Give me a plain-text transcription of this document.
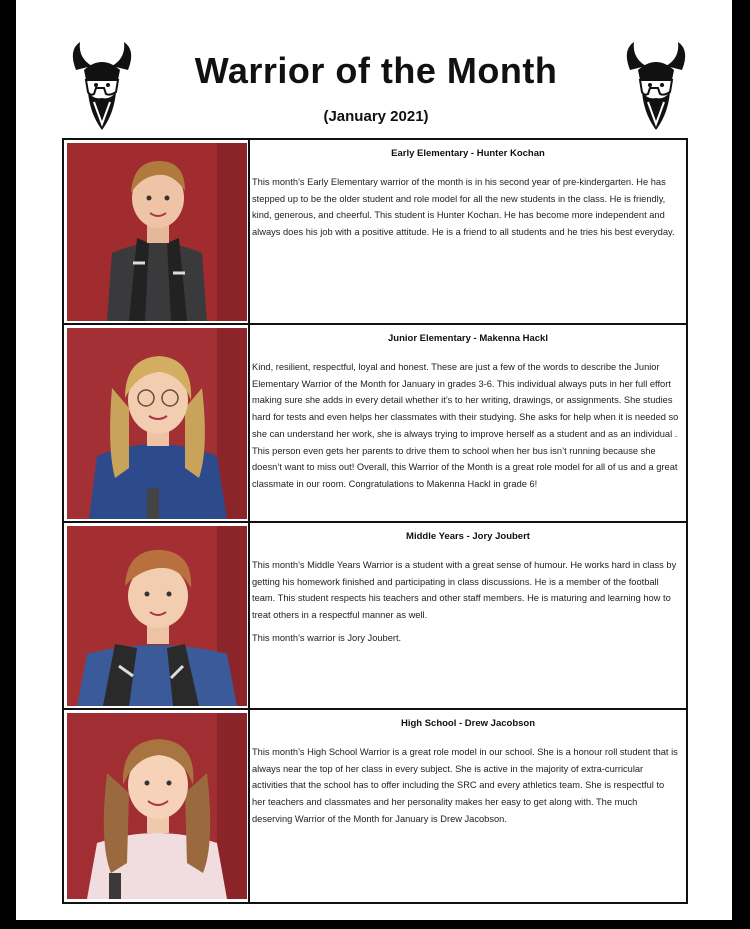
Warrior of the Month
(January 2021)
Early Elementary - Hunter Kochan

This month’s Early Elementary warrior of the month is in his second year of pre-kindergarten. He has stepped up to be the older student and role model for all the new students in the class. He is friendly, kind, generous, and cheerful. This student is Hunter Kochan. He has become more independent and always does his job with a positive attitude. He is a friend to all students and he tries his best everyday.

Junior Elementary - Makenna Hackl

Kind, resilient, respectful, loyal and honest. These are just a few of the words to describe the Junior Elementary Warrior of the Month for January in grades 3-6. This individual always puts in her full effort making sure she adds in every detail whether it’s to her writing, drawings, or assignments. She studies hard for tests and even helps her classmates with their studying. She asks for help when it is needed so she can understand her work, she is always trying to improve herself as a student and as an individual . This person even gets her parents to drive them to school when her bus isn’t running because she doesn’t want to miss out! Overall, this Warrior of the Month is a great role model for all of us and a great classmate in our room. Congratulations to Makenna Hackl in grade 6!

Middle Years - Jory Joubert

This month’s Middle Years Warrior is a student with a great sense of humour. He works hard in class by getting his homework finished and participating in class discussions. He is a member of the football team. This student respects his teachers and other staff members. He is maturing and learning how to treat others in a respectful manner as well.

This month’s warrior is Jory Joubert.

High School - Drew Jacobson

This month’s High School Warrior is a great role model in our school. She is a honour roll student that is always near the top of her class in every subject. She is active in the majority of extra-curricular activities that the school has to offer including the SRC and every athletics team. She is respectful to her teachers and classmates and her personality makes her easy to get along with. The much deserving Warrior of the Month for January is Drew Jacobson.
